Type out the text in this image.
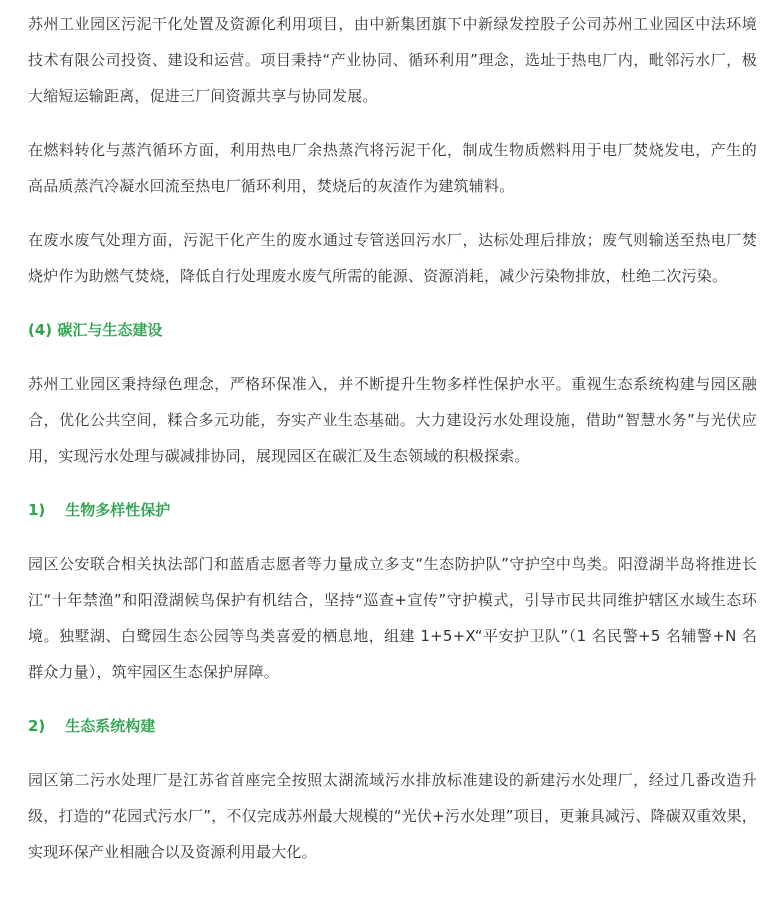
苏州工业园区污泥干化处置及资源化利用项目，由中新集团旗下中新绿发控股子公司苏州工业园区中法环境技术有限公司投资、建设和运营。项目秉持“产业协同、循环利用”理念，选址于热电厂内，毗邻污水厂，极大缩短运输距离，促进三厂间资源共享与协同发展。

在燃料转化与蒸汽循环方面，利用热电厂余热蒸汽将污泥干化，制成生物质燃料用于电厂焚烧发电，产生的高品质蒸汽冷凝水回流至热电厂循环利用，焚烧后的灰渣作为建筑辅料。

在废水废气处理方面，污泥干化产生的废水通过专管送回污水厂，达标处理后排放；废气则输送至热电厂焚烧炉作为助燃气焚烧，降低自行处理废水废气所需的能源、资源消耗，减少污染物排放，杜绝二次污染。

(4) 碳汇与生态建设

苏州工业园区秉持绿色理念，严格环保准入，并不断提升生物多样性保护水平。重视生态系统构建与园区融合，优化公共空间，糅合多元功能，夯实产业生态基础。大力建设污水处理设施，借助“智慧水务”与光伏应用，实现污水处理与碳减排协同，展现园区在碳汇及生态领域的积极探索。

1) 生物多样性保护

园区公安联合相关执法部门和蓝盾志愿者等力量成立多支“生态防护队”守护空中鸟类。阳澄湖半岛将推进长江“十年禁渔”和阳澄湖候鸟保护有机结合，坚持“巡查+宣传”守护模式，引导市民共同维护辖区水域生态环境。独墅湖、白鹭园生态公园等鸟类喜爱的栖息地，组建 1+5+X“平安护卫队”（1 名民警+5 名辅警+N 名群众力量），筑牢园区生态保护屏障。

2) 生态系统构建

园区第二污水处理厂是江苏省首座完全按照太湖流域污水排放标准建设的新建污水处理厂，经过几番改造升级，打造的“花园式污水厂”，不仅完成苏州最大规模的“光伏+污水处理”项目，更兼具减污、降碳双重效果，实现环保产业相融合以及资源利用最大化。
